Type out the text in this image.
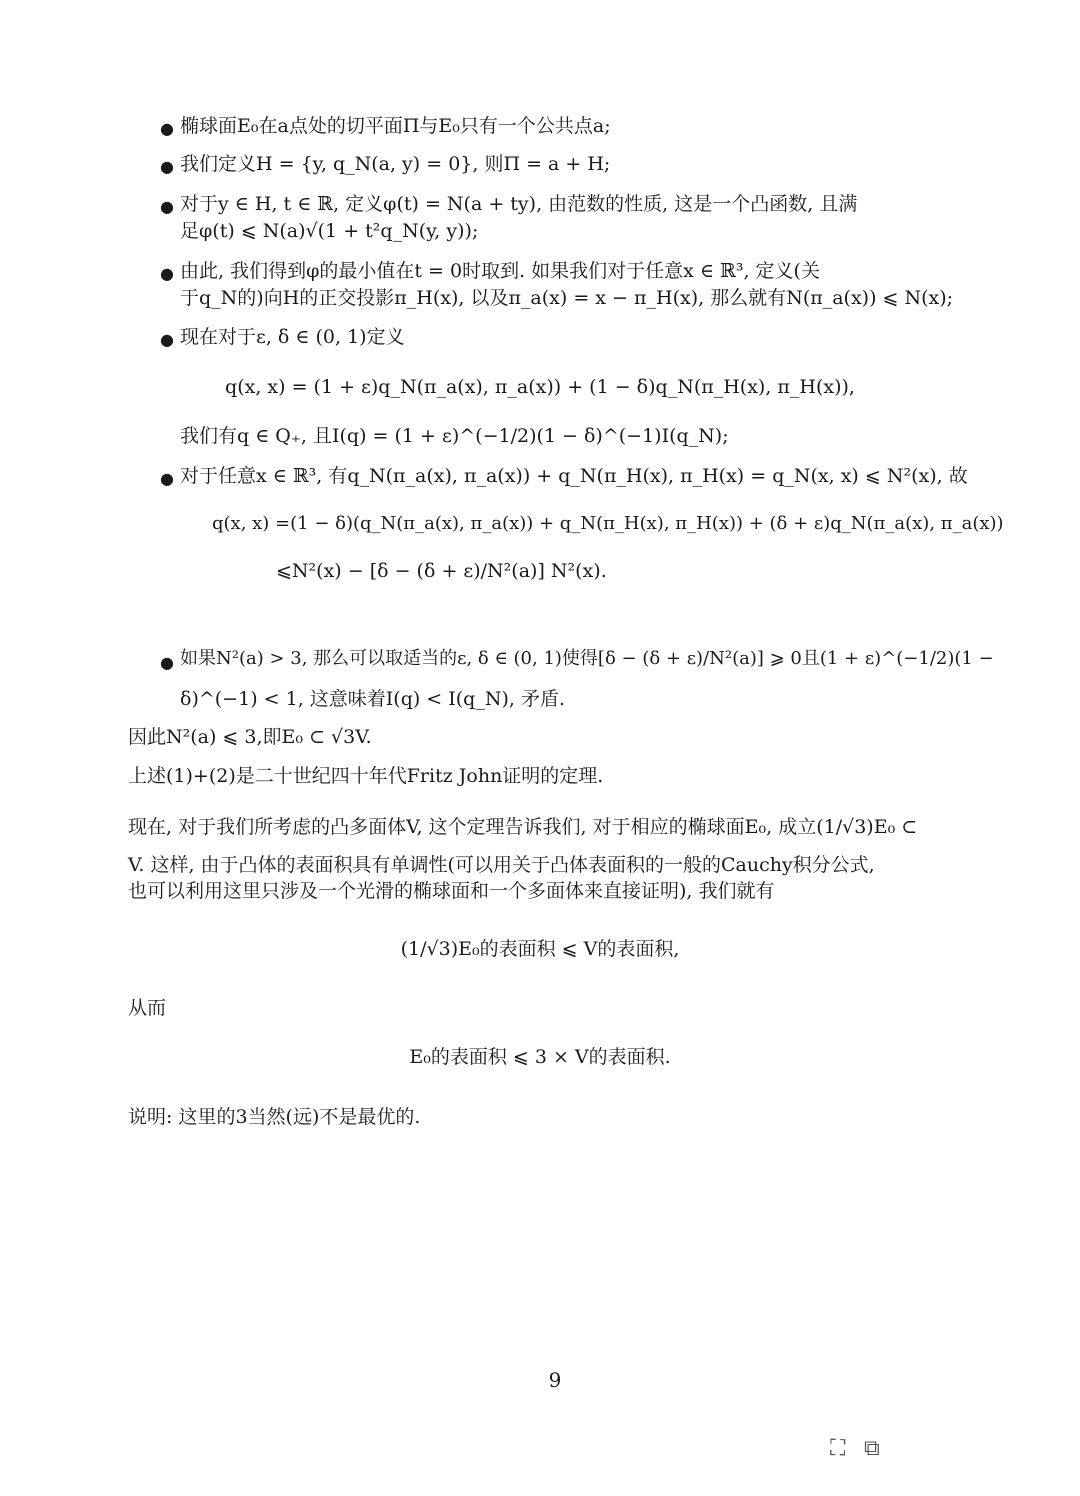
● 椭球面E₀在a点处的切平面Π与E₀只有一个公共点a;
● 我们定义H = {y, q_N(a, y) = 0}, 则Π = a + H;
● 对于y ∈ H, t ∈ ℝ, 定义φ(t) = N(a + ty), 由范数的性质, 这是一个凸函数, 且满
足φ(t) ⩽ N(a)√(1 + t²q_N(y, y));
● 由此, 我们得到φ的最小值在t = 0时取到. 如果我们对于任意x ∈ ℝ³, 定义(关
于q_N的)向H的正交投影π_H(x), 以及π_a(x) = x − π_H(x), 那么就有N(π_a(x)) ⩽ N(x);
● 现在对于ε, δ ∈ (0, 1)定义
q(x, x) = (1 + ε)q_N(π_a(x), π_a(x)) + (1 − δ)q_N(π_H(x), π_H(x)),
我们有q ∈ Q₊, 且I(q) = (1 + ε)^(−1/2)(1 − δ)^(−1)I(q_N);
● 对于任意x ∈ ℝ³, 有q_N(π_a(x), π_a(x)) + q_N(π_H(x), π_H(x) = q_N(x, x) ⩽ N²(x), 故
q(x, x) =(1 − δ)(q_N(π_a(x), π_a(x)) + q_N(π_H(x), π_H(x)) + (δ + ε)q_N(π_a(x), π_a(x))
⩽N²(x) − [δ − (δ + ε)/N²(a)] N²(x).
● 如果N²(a) > 3, 那么可以取适当的ε, δ ∈ (0, 1)使得[δ − (δ + ε)/N²(a)] ⩾ 0且(1 + ε)^(−1/2)(1 −
δ)^(−1) < 1, 这意味着I(q) < I(q_N), 矛盾.
因此N²(a) ⩽ 3,即E₀ ⊂ √3V.
上述(1)+(2)是二十世纪四十年代Fritz John证明的定理.
现在, 对于我们所考虑的凸多面体V, 这个定理告诉我们, 对于相应的椭球面E₀, 成立(1/√3)E₀ ⊂
V. 这样, 由于凸体的表面积具有单调性(可以用关于凸体表面积的一般的Cauchy积分公式,
也可以利用这里只涉及一个光滑的椭球面和一个多面体来直接证明), 我们就有
(1/√3)E₀的表面积 ⩽ V的表面积,
从而
E₀的表面积 ⩽ 3 × V的表面积.
说明: 这里的3当然(远)不是最优的.
9
⛶ ⧉
